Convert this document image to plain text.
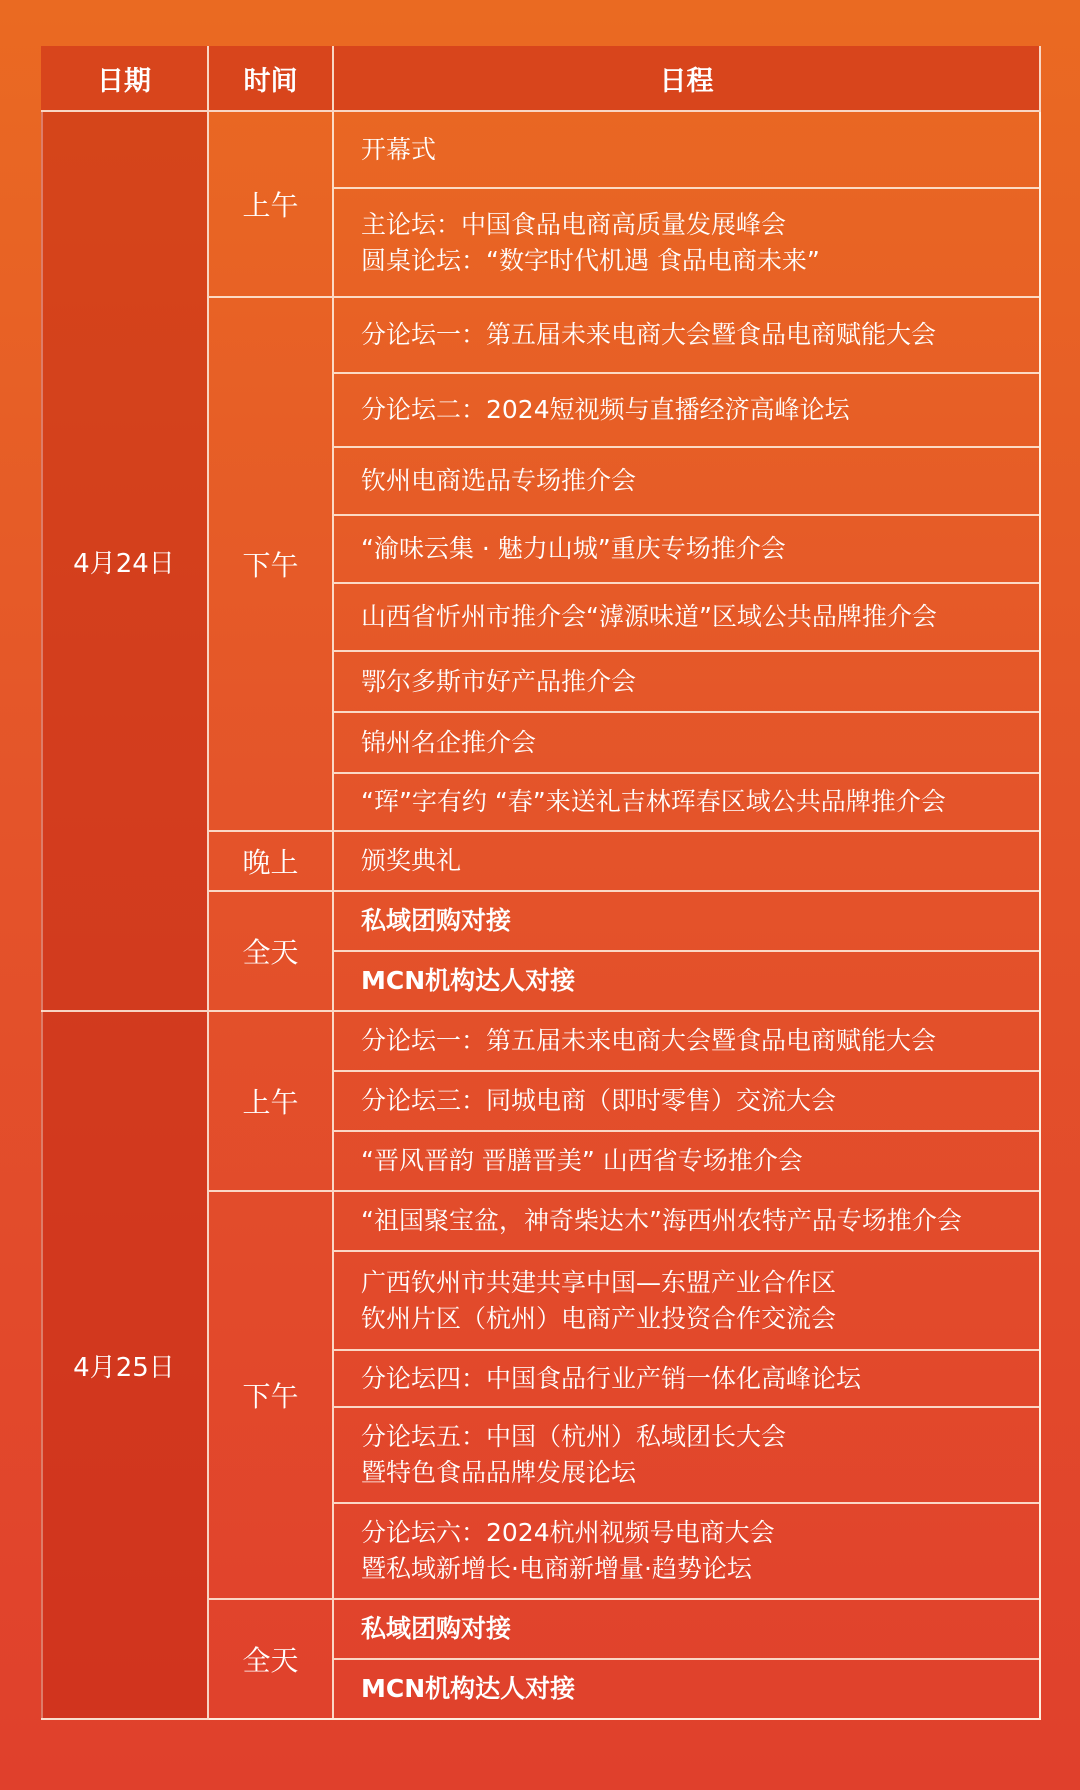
日期	时间	日程
开幕式
主论坛：中国食品电商高质量发展峰会
圆桌论坛：“数字时代机遇 食品电商未来”
上午
分论坛一：第五届未来电商大会暨食品电商赋能大会
分论坛二：2024短视频与直播经济高峰论坛
钦州电商选品专场推介会
“渝味云集 · 魅力山城”重庆专场推介会
山西省忻州市推介会“滹源味道”区域公共品牌推介会
鄂尔多斯市好产品推介会
锦州名企推介会
“珲”字有约 “春”来送礼吉林珲春区域公共品牌推介会
下午
颁奖典礼
晚上
私域团购对接
MCN机构达人对接
全天
4月24日
分论坛一：第五届未来电商大会暨食品电商赋能大会
分论坛三：同城电商（即时零售）交流大会
“晋风晋韵 晋膳晋美” 山西省专场推介会
上午
“祖国聚宝盆，神奇柴达木”海西州农特产品专场推介会
广西钦州市共建共享中国—东盟产业合作区
钦州片区（杭州）电商产业投资合作交流会
分论坛四：中国食品行业产销一体化高峰论坛
分论坛五：中国（杭州）私域团长大会
暨特色食品品牌发展论坛
分论坛六：2024杭州视频号电商大会
暨私域新增长·电商新增量·趋势论坛
下午
私域团购对接
MCN机构达人对接
全天
4月25日
